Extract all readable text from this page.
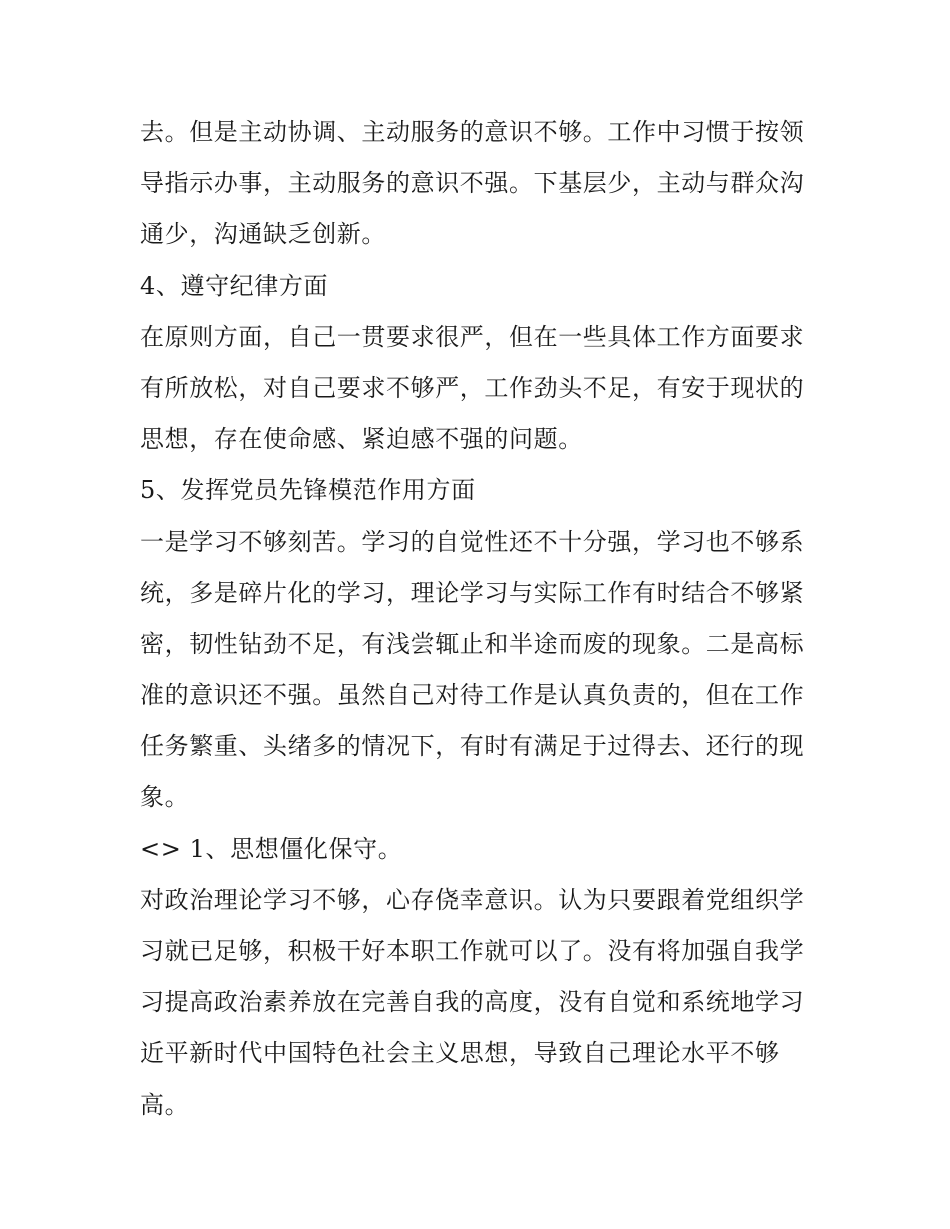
去。但是主动协调、主动服务的意识不够。工作中习惯于按领
导指示办事，主动服务的意识不强。下基层少，主动与群众沟
通少，沟通缺乏创新。
4、遵守纪律方面
在原则方面，自己一贯要求很严，但在一些具体工作方面要求
有所放松，对自己要求不够严，工作劲头不足，有安于现状的
思想，存在使命感、紧迫感不强的问题。
5、发挥党员先锋模范作用方面
一是学习不够刻苦。学习的自觉性还不十分强，学习也不够系
统，多是碎片化的学习，理论学习与实际工作有时结合不够紧
密，韧性钻劲不足，有浅尝辄止和半途而废的现象。二是高标
准的意识还不强。虽然自己对待工作是认真负责的，但在工作
任务繁重、头绪多的情况下，有时有满足于过得去、还行的现
象。
<> 1、思想僵化保守。
对政治理论学习不够，心存侥幸意识。认为只要跟着党组织学
习就已足够，积极干好本职工作就可以了。没有将加强自我学
习提高政治素养放在完善自我的高度，没有自觉和系统地学习
近平新时代中国特色社会主义思想，导致自己理论水平不够
高。
